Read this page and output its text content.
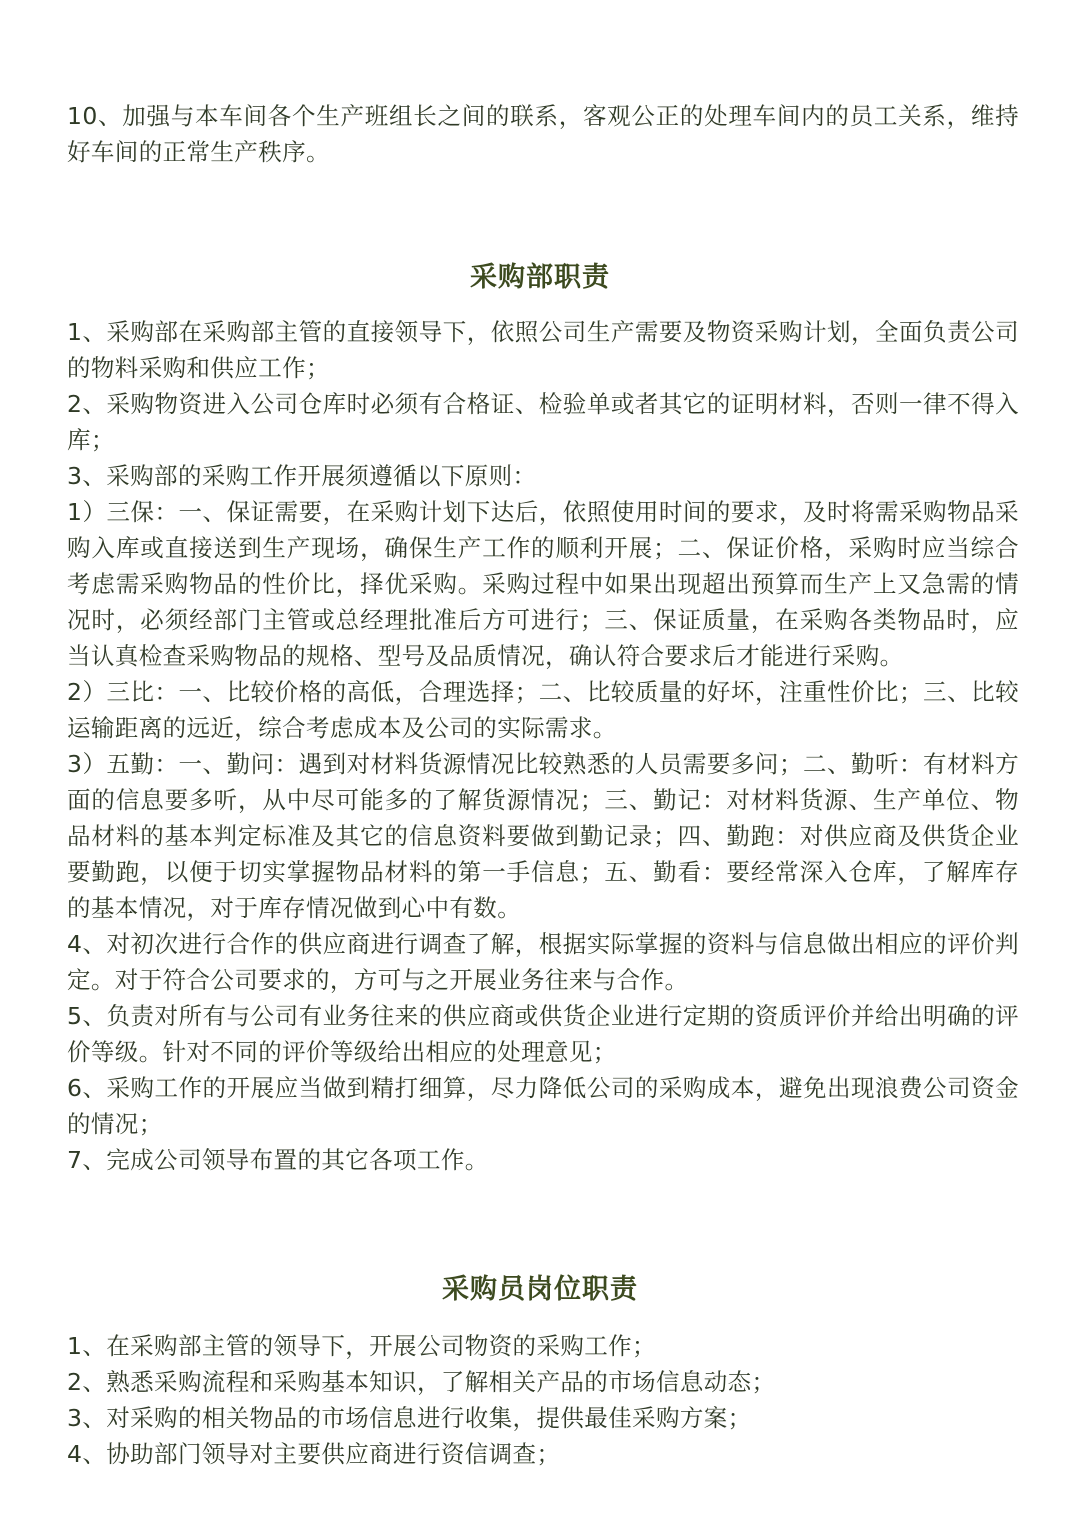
10、加强与本车间各个生产班组长之间的联系，客观公正的处理车间内的员工关系，维持好车间的正常生产秩序。

采购部职责

1、采购部在采购部主管的直接领导下，依照公司生产需要及物资采购计划，全面负责公司的物料采购和供应工作；

2、采购物资进入公司仓库时必须有合格证、检验单或者其它的证明材料，否则一律不得入库；

3、采购部的采购工作开展须遵循以下原则：

1）三保：一、保证需要，在采购计划下达后，依照使用时间的要求，及时将需采购物品采购入库或直接送到生产现场，确保生产工作的顺利开展；二、保证价格，采购时应当综合考虑需采购物品的性价比，择优采购。采购过程中如果出现超出预算而生产上又急需的情况时，必须经部门主管或总经理批准后方可进行；三、保证质量，在采购各类物品时，应当认真检查采购物品的规格、型号及品质情况，确认符合要求后才能进行采购。

2）三比：一、比较价格的高低，合理选择；二、比较质量的好坏，注重性价比；三、比较运输距离的远近，综合考虑成本及公司的实际需求。

3）五勤：一、勤问：遇到对材料货源情况比较熟悉的人员需要多问；二、勤听：有材料方面的信息要多听，从中尽可能多的了解货源情况；三、勤记：对材料货源、生产单位、物品材料的基本判定标准及其它的信息资料要做到勤记录；四、勤跑：对供应商及供货企业要勤跑，以便于切实掌握物品材料的第一手信息；五、勤看：要经常深入仓库，了解库存的基本情况，对于库存情况做到心中有数。

4、对初次进行合作的供应商进行调查了解，根据实际掌握的资料与信息做出相应的评价判定。对于符合公司要求的，方可与之开展业务往来与合作。

5、负责对所有与公司有业务往来的供应商或供货企业进行定期的资质评价并给出明确的评价等级。针对不同的评价等级给出相应的处理意见；

6、采购工作的开展应当做到精打细算，尽力降低公司的采购成本，避免出现浪费公司资金的情况；

7、完成公司领导布置的其它各项工作。

采购员岗位职责

1、在采购部主管的领导下，开展公司物资的采购工作；

2、熟悉采购流程和采购基本知识，了解相关产品的市场信息动态；

3、对采购的相关物品的市场信息进行收集，提供最佳采购方案；

4、协助部门领导对主要供应商进行资信调查；
